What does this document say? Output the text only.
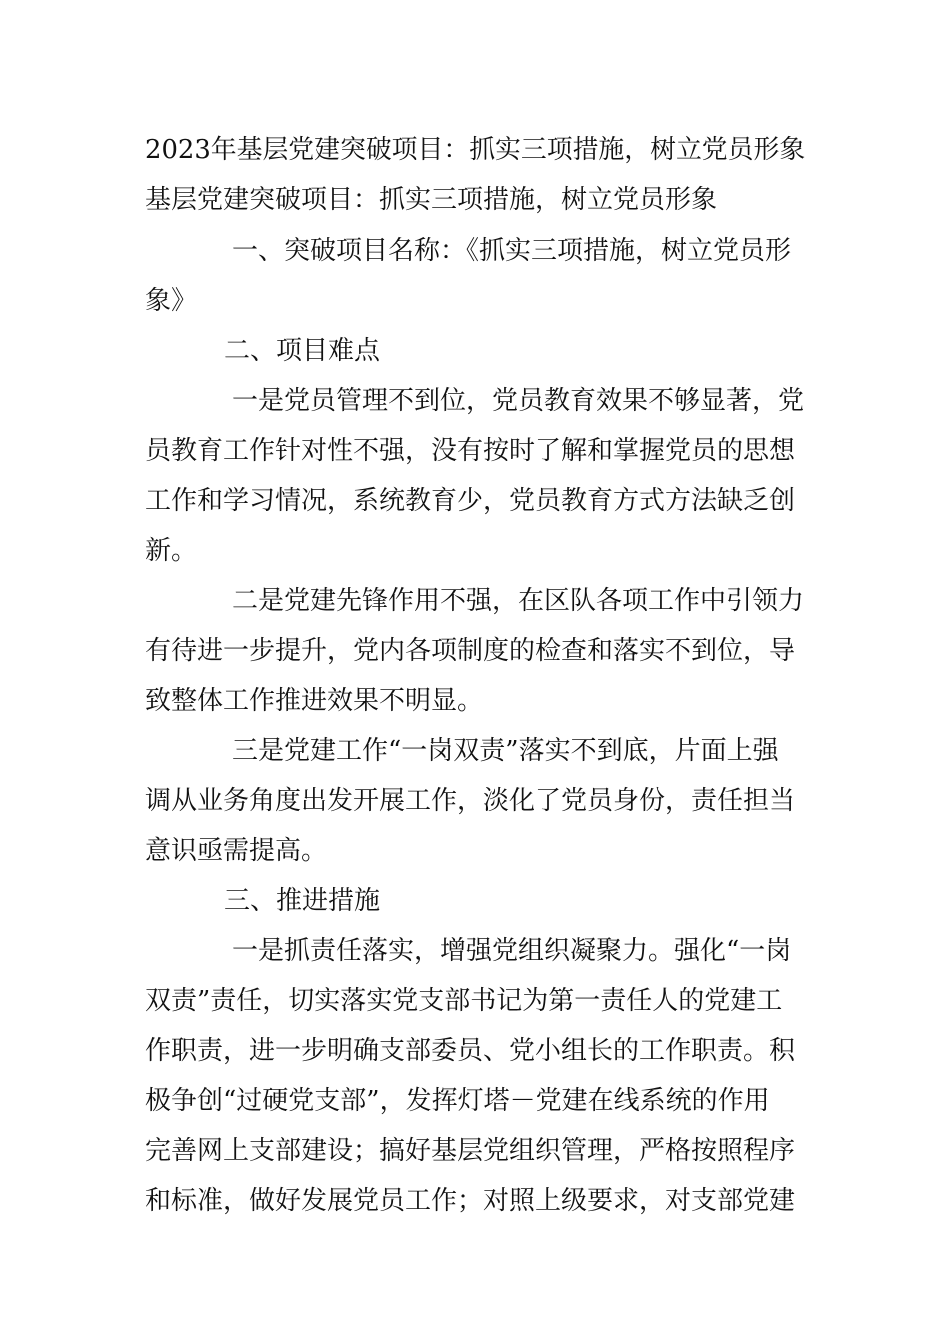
2023年基层党建突破项目：抓实三项措施，树立党员形象
基层党建突破项目：抓实三项措施，树立党员形象
一、突破项目名称：《抓实三项措施，树立党员形
象》
二、项目难点
一是党员管理不到位，党员教育效果不够显著，党
员教育工作针对性不强，没有按时了解和掌握党员的思想
工作和学习情况，系统教育少，党员教育方式方法缺乏创
新。
二是党建先锋作用不强，在区队各项工作中引领力
有待进一步提升，党内各项制度的检查和落实不到位，导
致整体工作推进效果不明显。
三是党建工作“一岗双责”落实不到底，片面上强
调从业务角度出发开展工作，淡化了党员身份，责任担当
意识亟需提高。
三、推进措施
一是抓责任落实，增强党组织凝聚力。强化“一岗
双责”责任，切实落实党支部书记为第一责任人的党建工
作职责，进一步明确支部委员、党小组长的工作职责。积
极争创“过硬党支部”，发挥灯塔－党建在线系统的作用
完善网上支部建设；搞好基层党组织管理，严格按照程序
和标准，做好发展党员工作；对照上级要求，对支部党建
